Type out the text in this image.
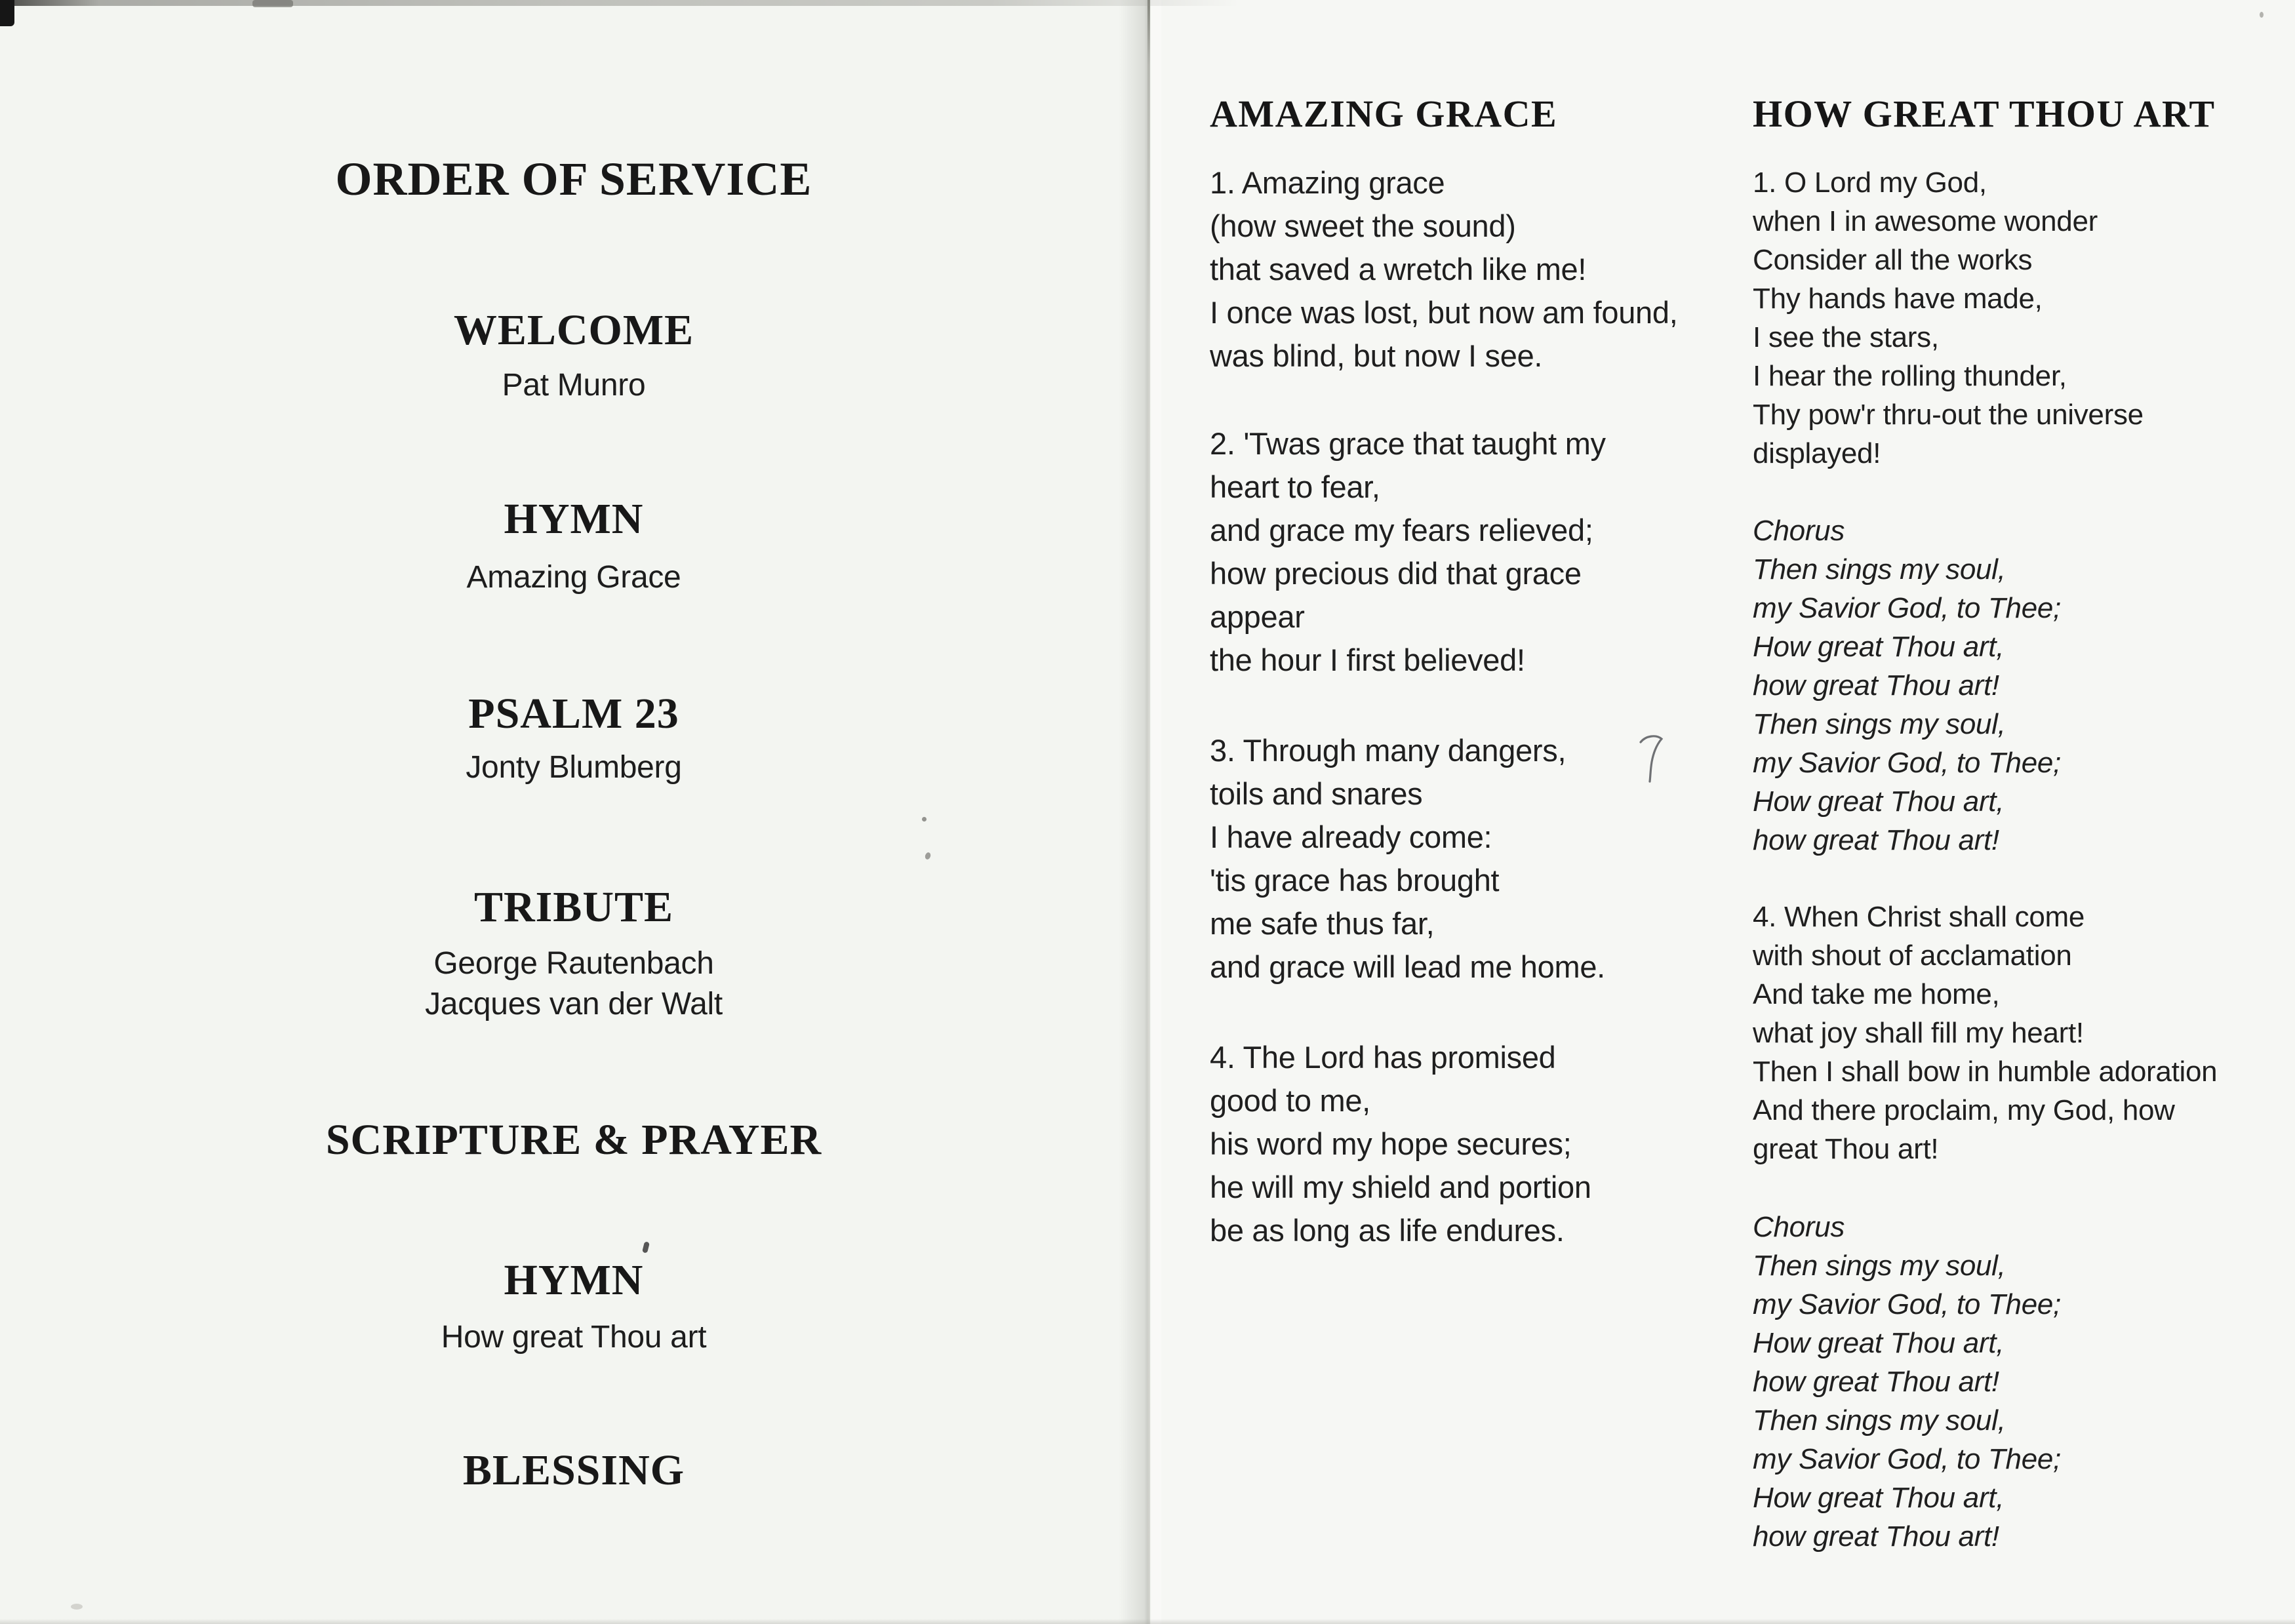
ORDER OF SERVICE
WELCOME
Pat Munro
HYMN
Amazing Grace
PSALM 23
Jonty Blumberg
TRIBUTE
George Rautenbach
Jacques van der Walt
SCRIPTURE & PRAYER
HYMN
How great Thou art
BLESSING
AMAZING GRACE
1. Amazing grace
(how sweet the sound)
that saved a wretch like me!
I once was lost, but now am found,
was blind, but now I see.
2. 'Twas grace that taught my
heart to fear,
and grace my fears relieved;
how precious did that grace
appear
the hour I first believed!
3. Through many dangers,
toils and snares
I have already come:
'tis grace has brought
me safe thus far,
and grace will lead me home.
4. The Lord has promised
good to me,
his word my hope secures;
he will my shield and portion
be as long as life endures.
HOW GREAT THOU ART
1. O Lord my God,
when I in awesome wonder
Consider all the works
Thy hands have made,
I see the stars,
I hear the rolling thunder,
Thy pow'r thru-out the universe
displayed!
Chorus
Then sings my soul,
my Savior God, to Thee;
How great Thou art,
how great Thou art!
Then sings my soul,
my Savior God, to Thee;
How great Thou art,
how great Thou art!
4. When Christ shall come
with shout of acclamation
And take me home,
what joy shall fill my heart!
Then I shall bow in humble adoration
And there proclaim, my God, how
great Thou art!
Chorus
Then sings my soul,
my Savior God, to Thee;
How great Thou art,
how great Thou art!
Then sings my soul,
my Savior God, to Thee;
How great Thou art,
how great Thou art!
